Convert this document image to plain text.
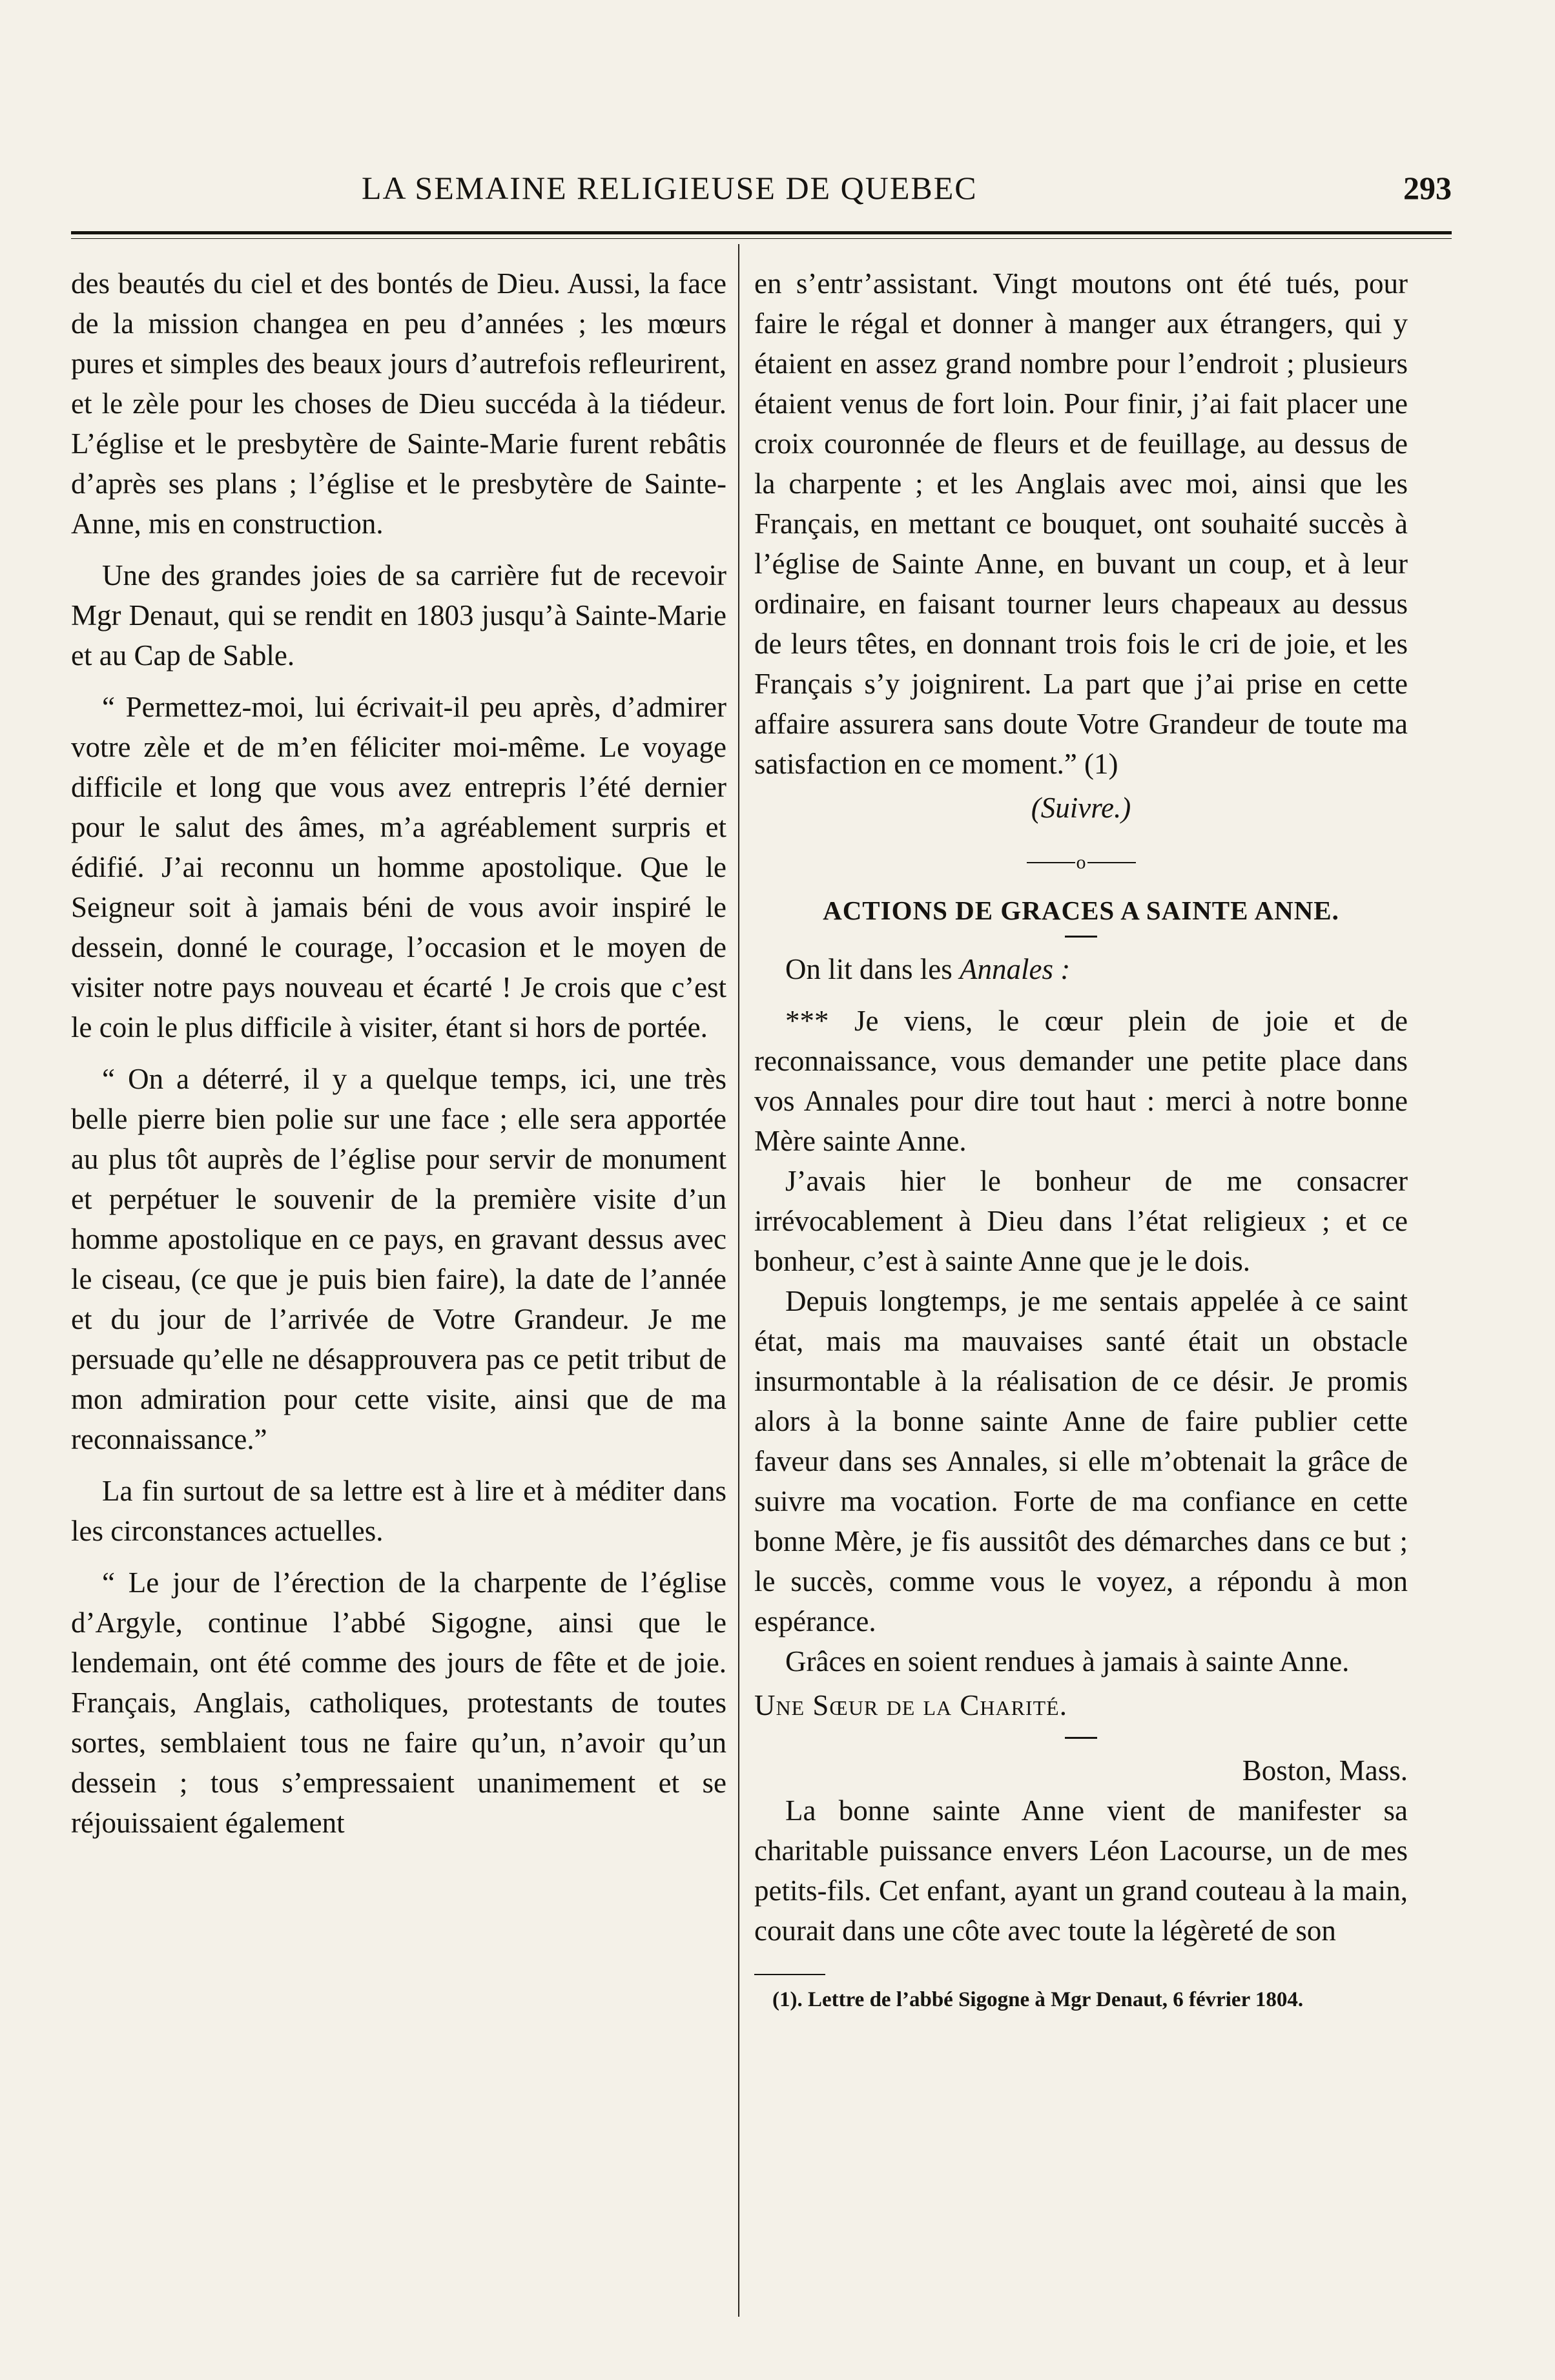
LA SEMAINE RELIGIEUSE DE QUEBEC	293

des beautés du ciel et des bontés de Dieu. Aussi, la face de la mission changea en peu d’années ; les mœurs pures et simples des beaux jours d’autrefois refleurirent, et le zèle pour les choses de Dieu succéda à la tiédeur. L’église et le presbytère de Sainte-Marie furent rebâtis d’après ses plans ; l’église et le presbytère de Sainte-Anne, mis en construction.

Une des grandes joies de sa carrière fut de recevoir Mgr Denaut, qui se rendit en 1803 jusqu’à Sainte-Marie et au Cap de Sable.

“ Permettez-moi, lui écrivait-il peu après, d’admirer votre zèle et de m’en féliciter moi-même. Le voyage difficile et long que vous avez entrepris l’été dernier pour le salut des âmes, m’a agréablement surpris et édifié. J’ai reconnu un homme apostolique. Que le Seigneur soit à jamais béni de vous avoir inspiré le dessein, donné le courage, l’occasion et le moyen de visiter notre pays nouveau et écarté ! Je crois que c’est le coin le plus difficile à visiter, étant si hors de portée.

“ On a déterré, il y a quelque temps, ici, une très belle pierre bien polie sur une face ; elle sera apportée au plus tôt auprès de l’église pour servir de monument et perpétuer le souvenir de la première visite d’un homme apostolique en ce pays, en gravant dessus avec le ciseau, (ce que je puis bien faire), la date de l’année et du jour de l’arrivée de Votre Grandeur. Je me persuade qu’elle ne désapprouvera pas ce petit tribut de mon admiration pour cette visite, ainsi que de ma reconnaissance.”

La fin surtout de sa lettre est à lire et à méditer dans les circonstances actuelles.

“ Le jour de l’érection de la charpente de l’église d’Argyle, continue l’abbé Sigogne, ainsi que le lendemain, ont été comme des jours de fête et de joie. Français, Anglais, catholiques, protestants de toutes sortes, semblaient tous ne faire qu’un, n’avoir qu’un dessein ; tous s’empressaient unanimement et se réjouissaient également

en s’entr’assistant. Vingt moutons ont été tués, pour faire le régal et donner à manger aux étrangers, qui y étaient en assez grand nombre pour l’endroit ; plusieurs étaient venus de fort loin. Pour finir, j’ai fait placer une croix couronnée de fleurs et de feuillage, au dessus de la charpente ; et les Anglais avec moi, ainsi que les Français, en mettant ce bouquet, ont souhaité succès à l’église de Sainte Anne, en buvant un coup, et à leur ordinaire, en faisant tourner leurs chapeaux au dessus de leurs têtes, en donnant trois fois le cri de joie, et les Français s’y joignirent. La part que j’ai prise en cette affaire assurera sans doute Votre Grandeur de toute ma satisfaction en ce moment.” (1)

(Suivre.)

o
ACTIONS DE GRACES A SAINTE ANNE.

On lit dans les Annales :

*** Je viens, le cœur plein de joie et de reconnaissance, vous demander une petite place dans vos Annales pour dire tout haut : merci à notre bonne Mère sainte Anne.

J’avais hier le bonheur de me consacrer irrévocablement à Dieu dans l’état religieux ; et ce bonheur, c’est à sainte Anne que je le dois.

Depuis longtemps, je me sentais appelée à ce saint état, mais ma mauvaises santé était un obstacle insurmontable à la réalisation de ce désir. Je promis alors à la bonne sainte Anne de faire publier cette faveur dans ses Annales, si elle m’obtenait la grâce de suivre ma vocation. Forte de ma confiance en cette bonne Mère, je fis aussitôt des démarches dans ce but ; le succès, comme vous le voyez, a répondu à mon espérance.

Grâces en soient rendues à jamais à sainte Anne.

Une Sœur de la Charité.

Boston, Mass.

La bonne sainte Anne vient de manifester sa charitable puissance envers Léon Lacourse, un de mes petits-fils. Cet enfant, ayant un grand couteau à la main, courait dans une côte avec toute la légèreté de son

(1). Lettre de l’abbé Sigogne à Mgr Denaut, 6 février 1804.
